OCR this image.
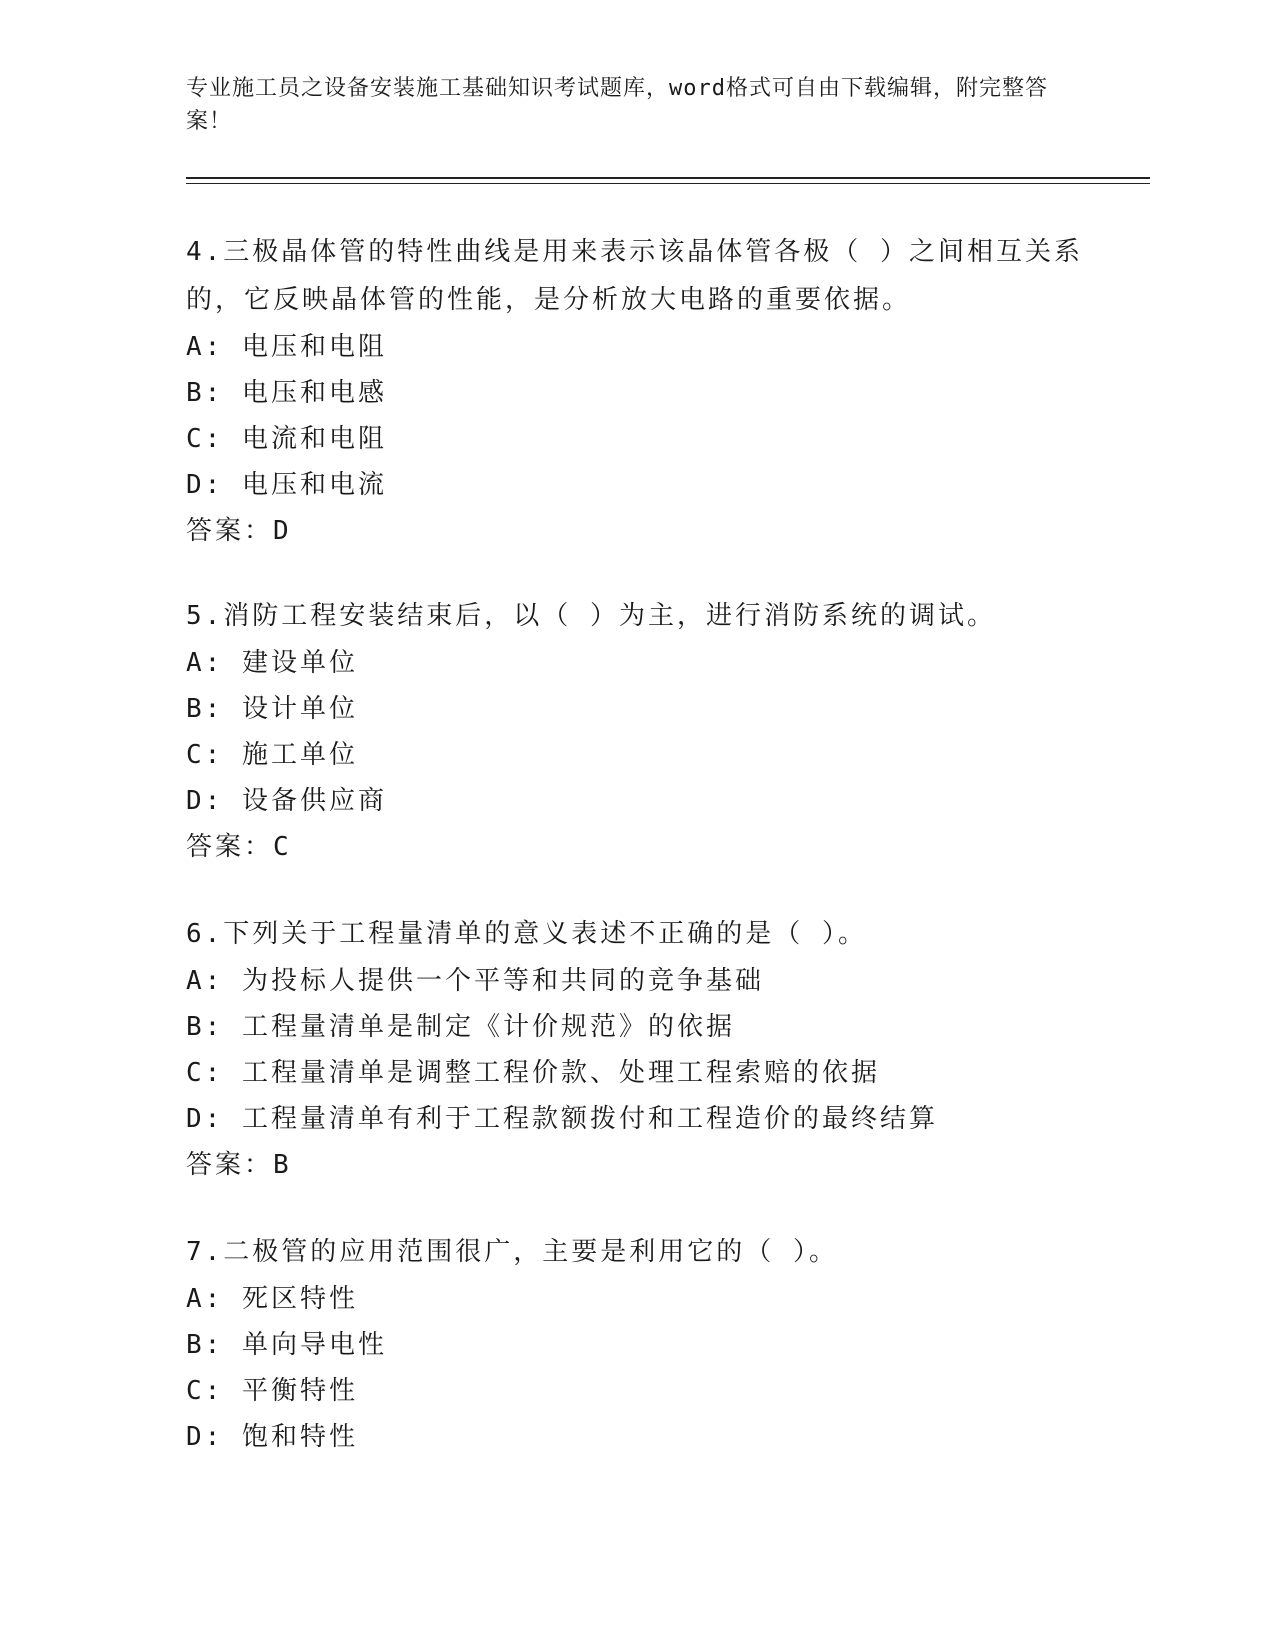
专业施工员之设备安装施工基础知识考试题库，word格式可自由下载编辑，附完整答案！

4.三极晶体管的特性曲线是用来表示该晶体管各极（ ）之间相互关系的，它反映晶体管的性能，是分析放大电路的重要依据。

A: 电压和电阻
B: 电压和电感
C: 电流和电阻
D: 电压和电流
答案：D

5.消防工程安装结束后，以（ ）为主，进行消防系统的调试。

A: 建设单位
B: 设计单位
C: 施工单位
D: 设备供应商
答案：C

6.下列关于工程量清单的意义表述不正确的是（ ）。

A: 为投标人提供一个平等和共同的竞争基础
B: 工程量清单是制定《计价规范》的依据
C: 工程量清单是调整工程价款、处理工程索赔的依据
D: 工程量清单有利于工程款额拨付和工程造价的最终结算
答案：B

7.二极管的应用范围很广，主要是利用它的（ ）。

A: 死区特性
B: 单向导电性
C: 平衡特性
D: 饱和特性
